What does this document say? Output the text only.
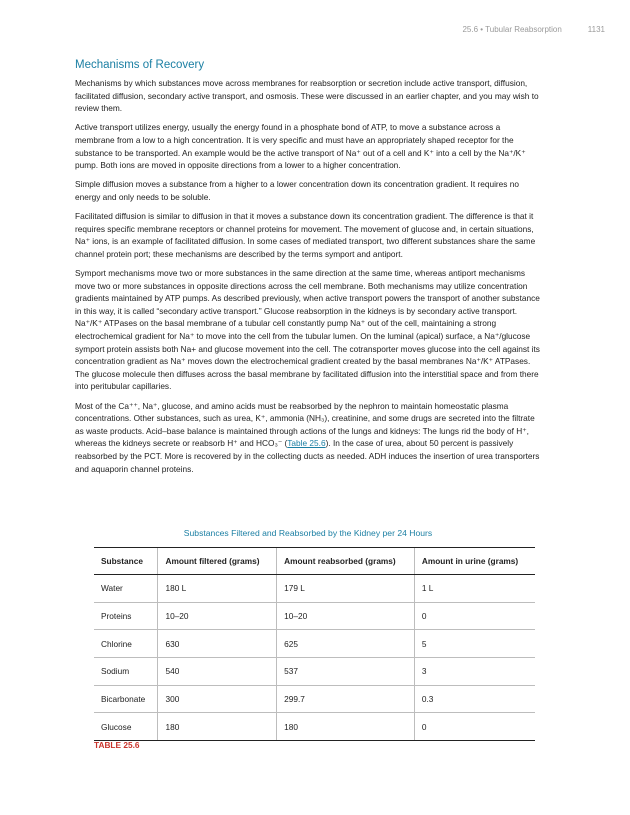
25.6 • Tubular Reabsorption	1131
Mechanisms of Recovery

Mechanisms by which substances move across membranes for reabsorption or secretion include active transport, diffusion, facilitated diffusion, secondary active transport, and osmosis. These were discussed in an earlier chapter, and you may wish to review them.

Active transport utilizes energy, usually the energy found in a phosphate bond of ATP, to move a substance across a membrane from a low to a high concentration. It is very specific and must have an appropriately shaped receptor for the substance to be transported. An example would be the active transport of Na⁺ out of a cell and K⁺ into a cell by the Na⁺/K⁺ pump. Both ions are moved in opposite directions from a lower to a higher concentration.

Simple diffusion moves a substance from a higher to a lower concentration down its concentration gradient. It requires no energy and only needs to be soluble.

Facilitated diffusion is similar to diffusion in that it moves a substance down its concentration gradient. The difference is that it requires specific membrane receptors or channel proteins for movement. The movement of glucose and, in certain situations, Na⁺ ions, is an example of facilitated diffusion. In some cases of mediated transport, two different substances share the same channel protein port; these mechanisms are described by the terms symport and antiport.

Symport mechanisms move two or more substances in the same direction at the same time, whereas antiport mechanisms move two or more substances in opposite directions across the cell membrane. Both mechanisms may utilize concentration gradients maintained by ATP pumps. As described previously, when active transport powers the transport of another substance in this way, it is called “secondary active transport.” Glucose reabsorption in the kidneys is by secondary active transport. Na⁺/K⁺ ATPases on the basal membrane of a tubular cell constantly pump Na⁺ out of the cell, maintaining a strong electrochemical gradient for Na⁺ to move into the cell from the tubular lumen. On the luminal (apical) surface, a Na⁺/glucose symport protein assists both Na+ and glucose movement into the cell. The cotransporter moves glucose into the cell against its concentration gradient as Na⁺ moves down the electrochemical gradient created by the basal membranes Na⁺/K⁺ ATPases. The glucose molecule then diffuses across the basal membrane by facilitated diffusion into the interstitial space and from there into peritubular capillaries.

Most of the Ca⁺⁺, Na⁺, glucose, and amino acids must be reabsorbed by the nephron to maintain homeostatic plasma concentrations. Other substances, such as urea, K⁺, ammonia (NH₃), creatinine, and some drugs are secreted into the filtrate as waste products. Acid–base balance is maintained through actions of the lungs and kidneys: The lungs rid the body of H⁺, whereas the kidneys secrete or reabsorb H⁺ and HCO₃⁻ (Table 25.6). In the case of urea, about 50 percent is passively reabsorbed by the PCT. More is recovered by in the collecting ducts as needed. ADH induces the insertion of urea transporters and aquaporin channel proteins.

Substances Filtered and Reabsorbed by the Kidney per 24 Hours
Substance	Amount filtered (grams)	Amount reabsorbed (grams)	Amount in urine (grams)
Water	180 L	179 L	1 L
Proteins	10–20	10–20	0
Chlorine	630	625	5
Sodium	540	537	3
Bicarbonate	300	299.7	0.3
Glucose	180	180	0
TABLE 25.6
